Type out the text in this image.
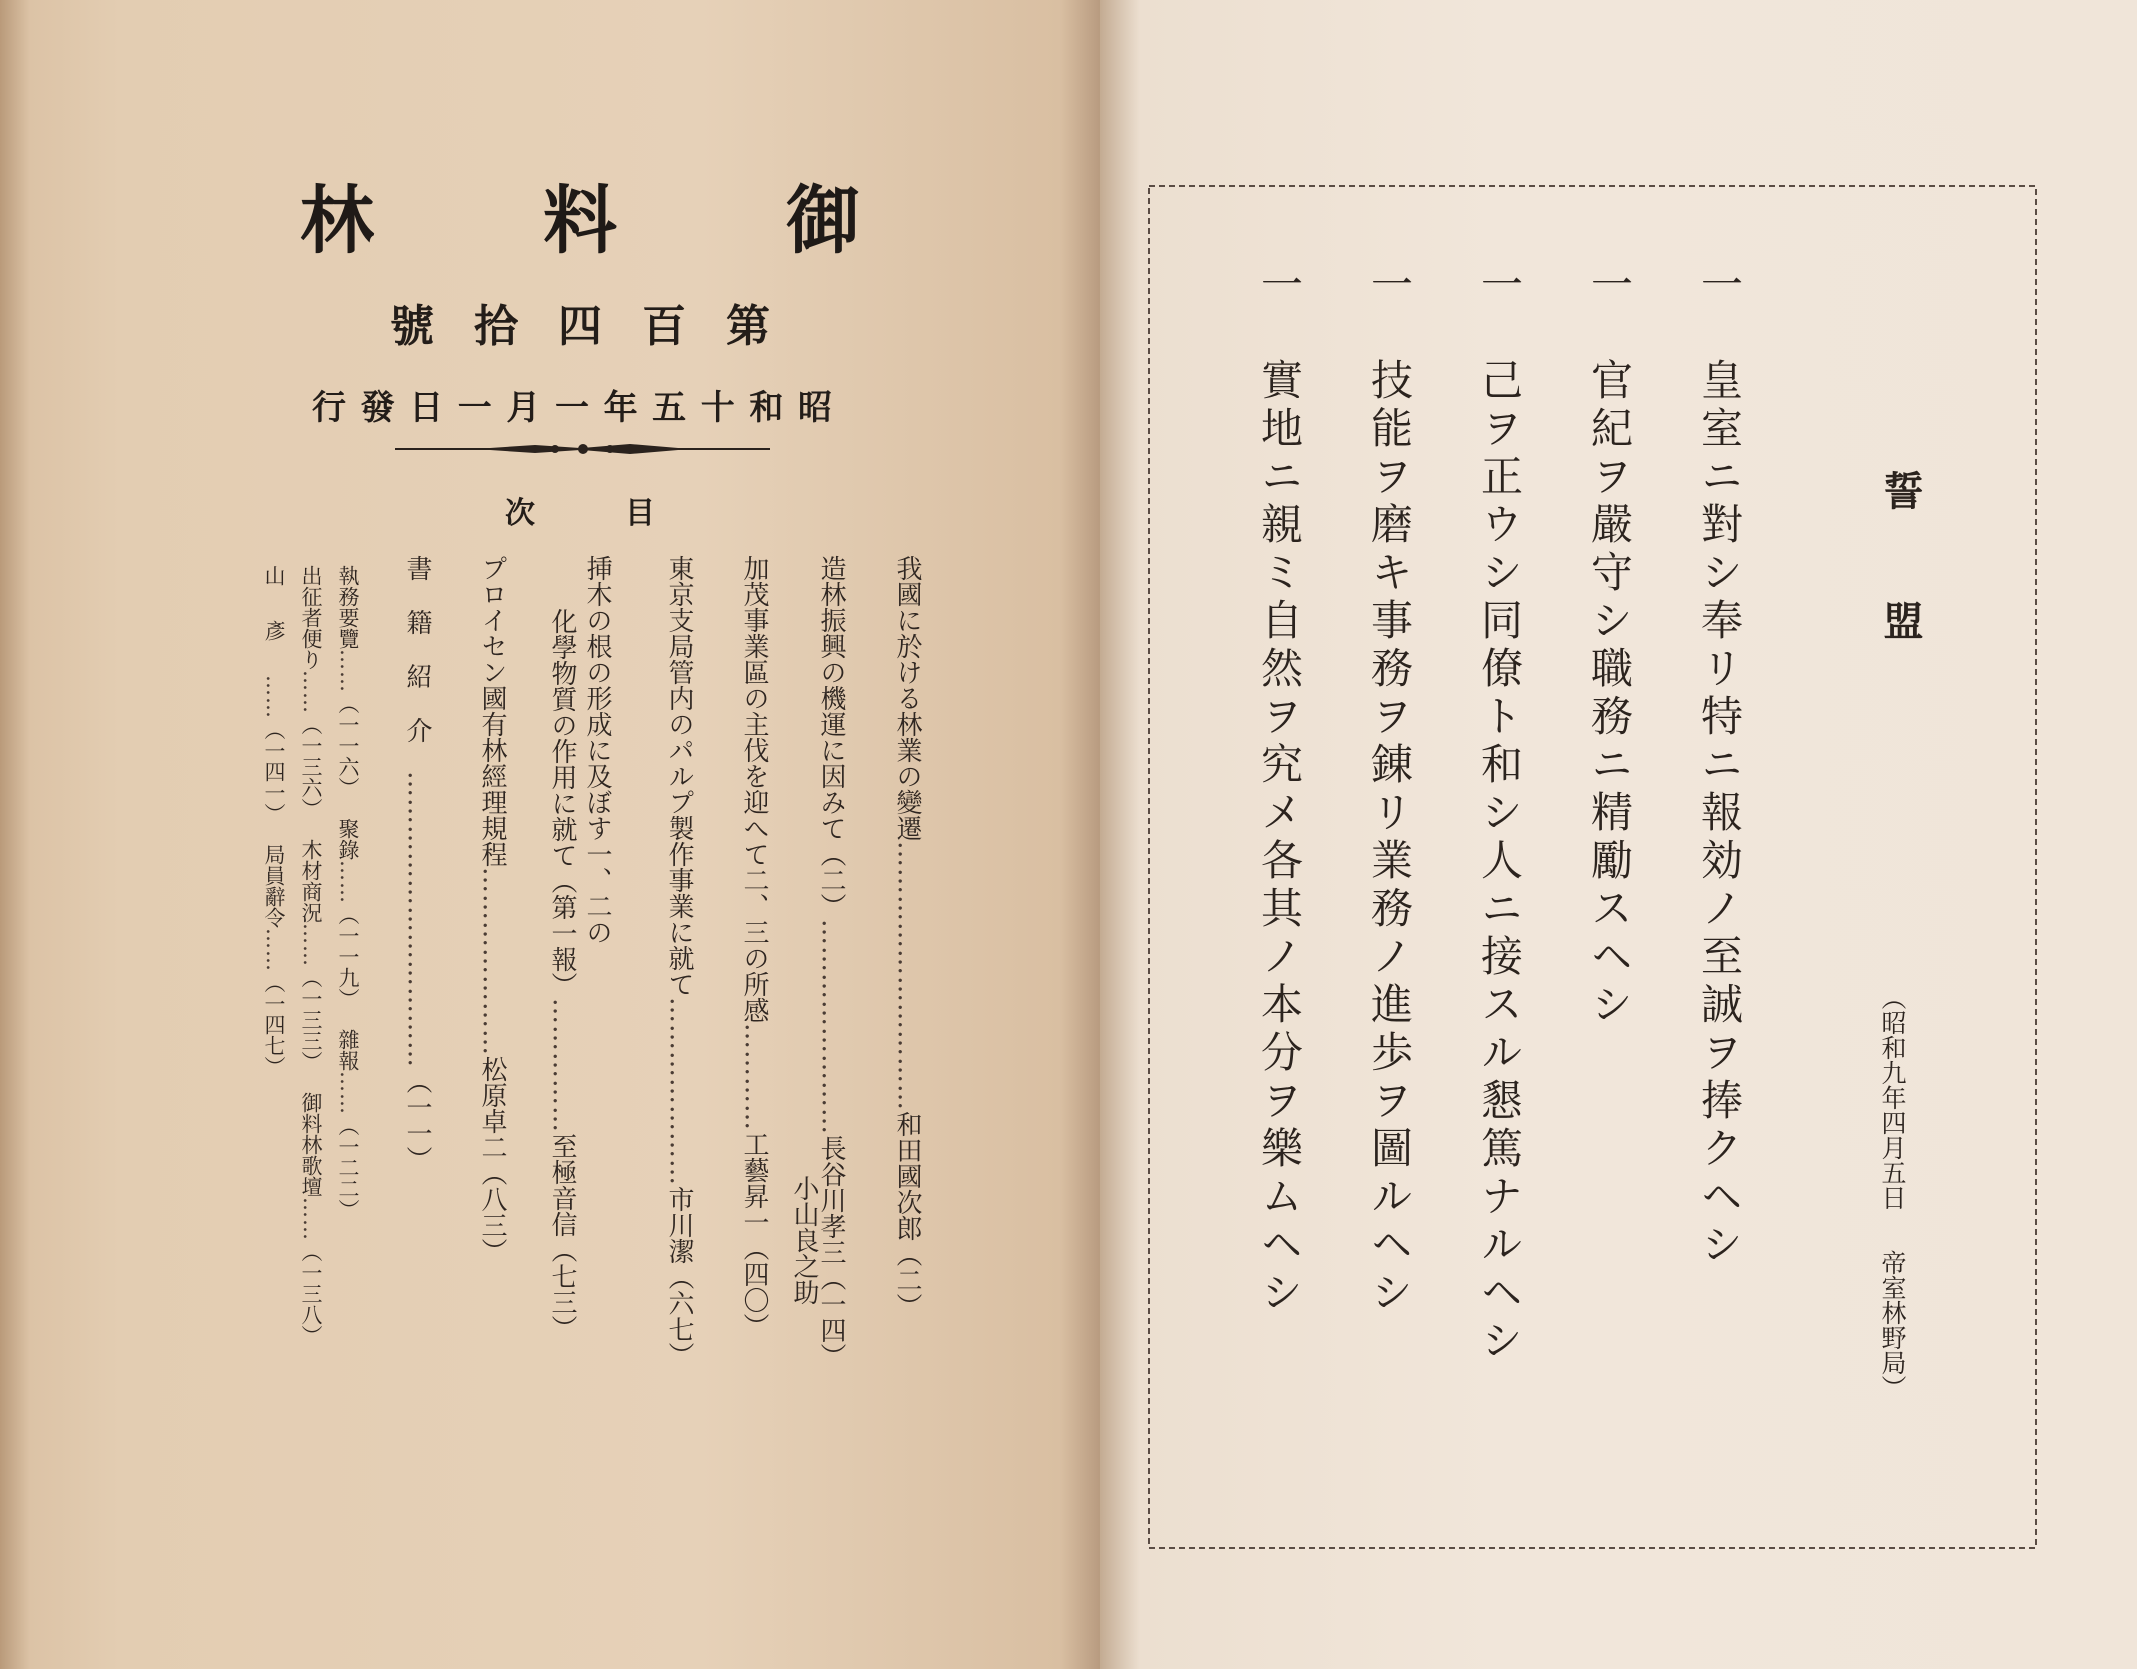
林 料 御
號 拾 四 百 第
行 發 日 一 月 一 年 五 十 和 昭
次	目
我國に於ける林業の變遷…………………………和田國次郎（二）
造林振興の機運に因みて（二）……………………長谷川孝三（一四）
小山良之助
加茂事業區の主伐を迎へて二、三の所感…………工藝昇一（四〇）
東京支局管内のパルプ製作事業に就て…………………市川潔（六七）
挿木の根の形成に及ぼす一、二の
化學物質の作用に就て（第一報）……………至極音信（七三）
プロイセン國有林經理規程…………………松原卓二（八三）
書籍紹介……………………………（一一）
執務要覽……（一一六）聚錄……（一一九）雜報……（一二二）
出征者便り……（一三六）木材商況……（一三三）御料林歌壇……（一三八）
山彥……（一四一）局員辭令……（一四七）
誓盟
一　皇室ニ對シ奉リ特ニ報効ノ至誠ヲ捧クヘシ
一　官紀ヲ嚴守シ職務ニ精勵スヘシ
一　己ヲ正ウシ同僚ト和シ人ニ接スル懇篤ナルヘシ
一　技能ヲ磨キ事務ヲ錬リ業務ノ進歩ヲ圖ルヘシ
一　實地ニ親ミ自然ヲ究メ各其ノ本分ヲ樂ムヘシ	（昭和九年四月五日帝室林野局）
